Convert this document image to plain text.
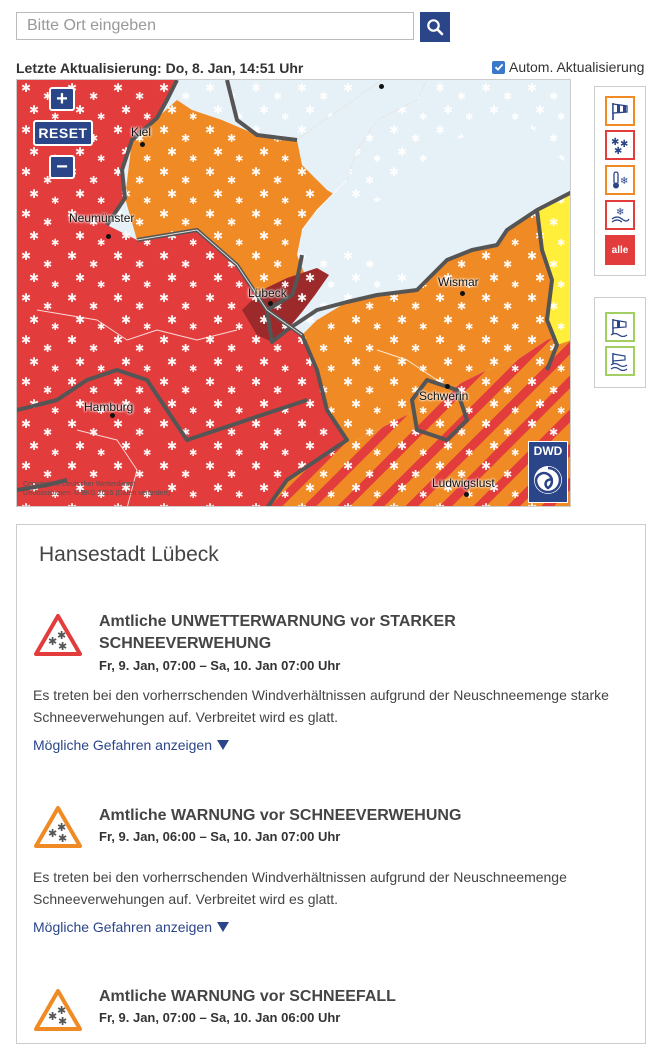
Bitte Ort eingeben
Letzte Aktualisierung: Do, 8. Jan, 14:51 Uhr	Autom. Aktualisierung
+
RESET
−
Kiel
Neumünster
Lübeck
Wismar
Hamburg
Schwerin
Ludwigslust
DWD
Copyright © Deutscher Wetterdienst
Geobasisdaten: © BKG 2015 (Daten verändert)
✱ ✱
✱
❄
❄
alle
Hansestadt Lübeck
✱ ✱
✱
Amtliche UNWETTERWARNUNG vor STARKER SCHNEEVERWEHUNG
Fr, 9. Jan, 07:00 – Sa, 10. Jan 07:00 Uhr
Es treten bei den vorherrschenden Windverhältnissen aufgrund der Neuschneemenge starke Schneeverwehungen auf. Verbreitet wird es glatt.
Mögliche Gefahren anzeigen
✱ ✱
✱
Amtliche WARNUNG vor SCHNEEVERWEHUNG
Fr, 9. Jan, 06:00 – Sa, 10. Jan 07:00 Uhr
Es treten bei den vorherrschenden Windverhältnissen aufgrund der Neuschneemenge Schneeverwehungen auf. Verbreitet wird es glatt.
Mögliche Gefahren anzeigen
✱ ✱
✱
Amtliche WARNUNG vor SCHNEEFALL
Fr, 9. Jan, 07:00 – Sa, 10. Jan 06:00 Uhr
